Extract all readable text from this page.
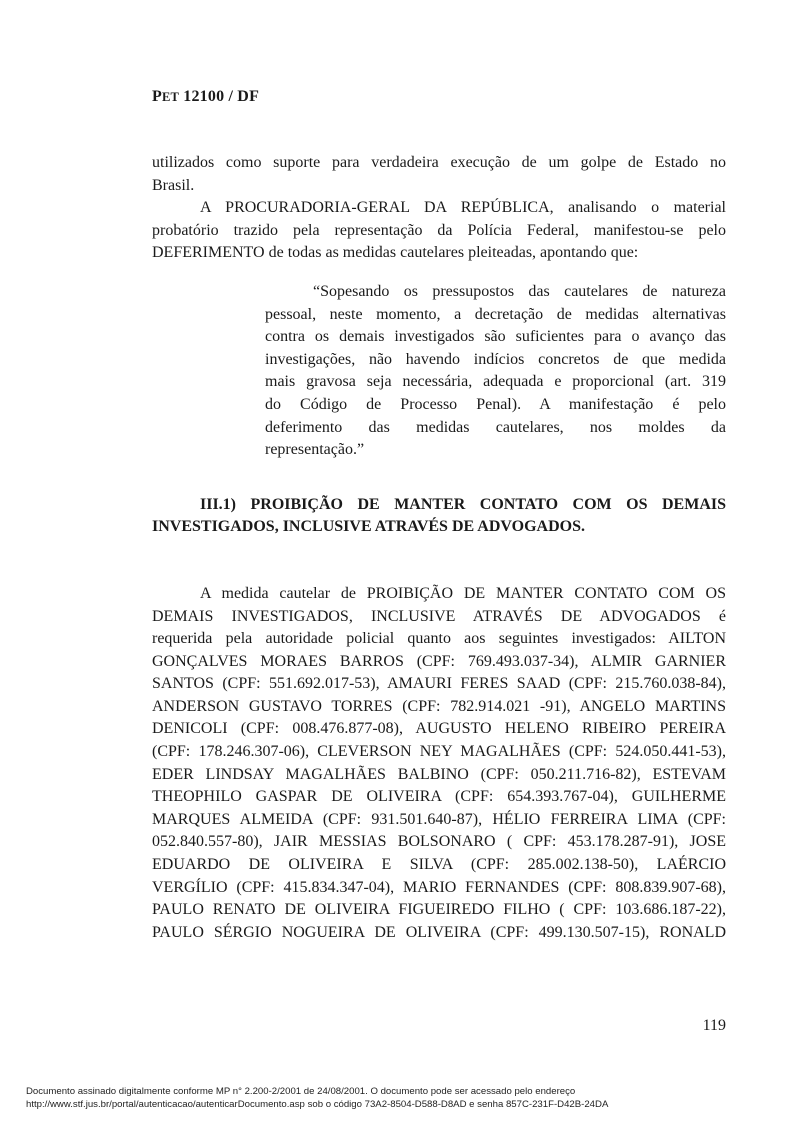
PET 12100 / DF
utilizados como suporte para verdadeira execução de um golpe de Estado no
Brasil.
A PROCURADORIA-GERAL DA REPÚBLICA, analisando o material
probatório trazido pela representação da Polícia Federal, manifestou-se pelo
DEFERIMENTO de todas as medidas cautelares pleiteadas, apontando que:
“Sopesando os pressupostos das cautelares de natureza
pessoal, neste momento, a decretação de medidas alternativas
contra os demais investigados são suficientes para o avanço das
investigações, não havendo indícios concretos de que medida
mais gravosa seja necessária, adequada e proporcional (art. 319
do Código de Processo Penal). A manifestação é pelo
deferimento das medidas cautelares, nos moldes da
representação.”
III.1) PROIBIÇÃO DE MANTER CONTATO COM OS DEMAIS
INVESTIGADOS, INCLUSIVE ATRAVÉS DE ADVOGADOS.
A medida cautelar de PROIBIÇÃO DE MANTER CONTATO COM OS
DEMAIS INVESTIGADOS, INCLUSIVE ATRAVÉS DE ADVOGADOS é
requerida pela autoridade policial quanto aos seguintes investigados: AILTON
GONÇALVES MORAES BARROS (CPF: 769.493.037-34), ALMIR GARNIER
SANTOS (CPF: 551.692.017-53), AMAURI FERES SAAD (CPF: 215.760.038-84),
ANDERSON GUSTAVO TORRES (CPF: 782.914.021 -91), ANGELO MARTINS
DENICOLI (CPF: 008.476.877-08), AUGUSTO HELENO RIBEIRO PEREIRA
(CPF: 178.246.307-06), CLEVERSON NEY MAGALHÃES (CPF: 524.050.441-53),
EDER LINDSAY MAGALHÃES BALBINO (CPF: 050.211.716-82), ESTEVAM
THEOPHILO GASPAR DE OLIVEIRA (CPF: 654.393.767-04), GUILHERME
MARQUES ALMEIDA (CPF: 931.501.640-87), HÉLIO FERREIRA LIMA (CPF:
052.840.557-80), JAIR MESSIAS BOLSONARO ( CPF: 453.178.287-91), JOSE
EDUARDO DE OLIVEIRA E SILVA (CPF: 285.002.138-50), LAÉRCIO
VERGÍLIO (CPF: 415.834.347-04), MARIO FERNANDES (CPF: 808.839.907-68),
PAULO RENATO DE OLIVEIRA FIGUEIREDO FILHO ( CPF: 103.686.187-22),
PAULO SÉRGIO NOGUEIRA DE OLIVEIRA (CPF: 499.130.507-15), RONALD
119
Documento assinado digitalmente conforme MP n° 2.200-2/2001 de 24/08/2001. O documento pode ser acessado pelo endereço
http://www.stf.jus.br/portal/autenticacao/autenticarDocumento.asp sob o código 73A2-8504-D588-D8AD e senha 857C-231F-D42B-24DA
